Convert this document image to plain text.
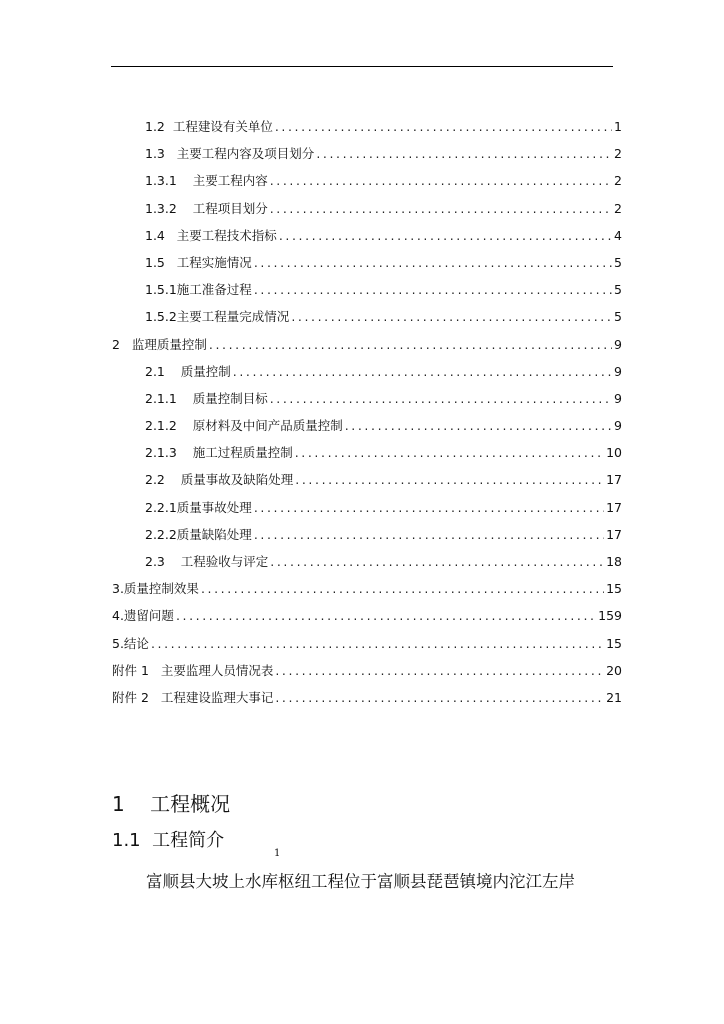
1.2  工程建设有关单位 .....	1
1.3   主要工程内容及项目划分 .....	2
1.3.1    主要工程内容 .....	2
1.3.2    工程项目划分 .....	2
1.4   主要工程技术指标 .....	4
1.5   工程实施情况 .....	5
1.5.1施工准备过程 .....	5
1.5.2主要工程量完成情况 .....	5
2   监理质量控制 .....	9
2.1    质量控制 .....	9
2.1.1    质量控制目标 .....	9
2.1.2    原材料及中间产品质量控制 .....	9
2.1.3    施工过程质量控制 .....	10
2.2    质量事故及缺陷处理 .....	17
2.2.1质量事故处理 .....	17
2.2.2质量缺陷处理 .....	17
2.3    工程验收与评定 .....	18
3.质量控制效果 .....	15
4.遗留问题 .....	159
5.结论 .....	15
附件 1   主要监理人员情况表 .....	20
附件 2   工程建设监理大事记 .....	21
1    工程概况
1.1  工程简介
1
富顺县大坡上水库枢纽工程位于富顺县琵琶镇境内沱江左岸
